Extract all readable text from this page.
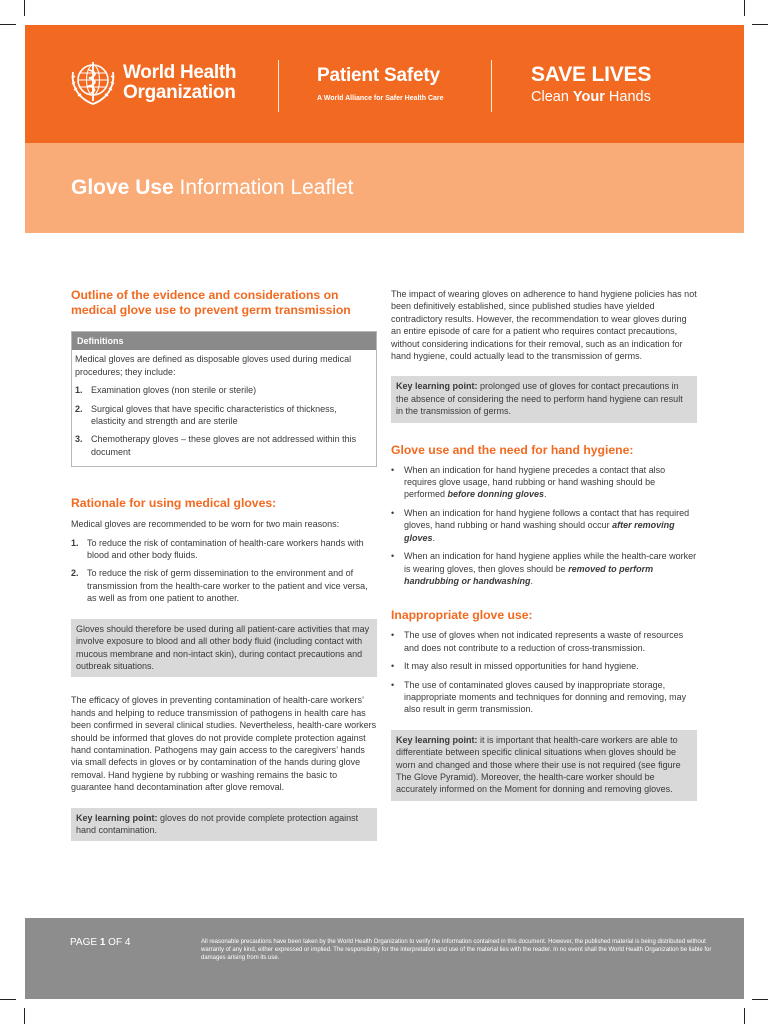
World Health
Organization
Patient Safety
A World Alliance for Safer Health Care
SAVE LIVES
Clean Your Hands
Glove Use Information Leaflet
Outline of the evidence and considerations on medical glove use to prevent germ transmission
Definitions

Medical gloves are defined as disposable gloves used during medical procedures; they include:

1. Examination gloves (non sterile or sterile)
2. Surgical gloves that have specific characteristics of thickness, elasticity and strength and are sterile
3. Chemotherapy gloves – these gloves are not addressed within this document
Rationale for using medical gloves:

Medical gloves are recommended to be worn for two main reasons:

1. To reduce the risk of contamination of health-care workers hands with blood and other body fluids.
2. To reduce the risk of germ dissemination to the environment and of transmission from the health-care worker to the patient and vice versa, as well as from one patient to another.

Gloves should therefore be used during all patient-care activities that may involve exposure to blood and all other body fluid (including contact with mucous membrane and non-intact skin), during contact precautions and outbreak situations.

The efficacy of gloves in preventing contamination of health-care workers’ hands and helping to reduce transmission of pathogens in health care has been confirmed in several clinical studies. Nevertheless, health-care workers should be informed that gloves do not provide complete protection against hand contamination. Pathogens may gain access to the caregivers’ hands via small defects in gloves or by contamination of the hands during glove removal. Hand hygiene by rubbing or washing remains the basic to guarantee hand decontamination after glove removal.

Key learning point: gloves do not provide complete protection against hand contamination.

The impact of wearing gloves on adherence to hand hygiene policies has not been definitively established, since published studies have yielded contradictory results. However, the recommendation to wear gloves during an entire episode of care for a patient who requires contact precautions, without considering indications for their removal, such as an indication for hand hygiene, could actually lead to the transmission of germs.

Key learning point: prolonged use of gloves for contact precautions in the absence of considering the need to perform hand hygiene can result in the transmission of germs.

Glove use and the need for hand hygiene:
•	When an indication for hand hygiene precedes a contact that also requires glove usage, hand rubbing or hand washing should be performed before donning gloves.
•	When an indication for hand hygiene follows a contact that has required gloves, hand rubbing or hand washing should occur after removing gloves.
•	When an indication for hand hygiene applies while the health-care worker is wearing gloves, then gloves should be removed to perform handrubbing or handwashing.
Inappropriate glove use:
•	The use of gloves when not indicated represents a waste of resources and does not contribute to a reduction of cross-transmission.
•	It may also result in missed opportunities for hand hygiene.
•	The use of contaminated gloves caused by inappropriate storage, inappropriate moments and techniques for donning and removing, may also result in germ transmission.

Key learning point: it is important that health-care workers are able to differentiate between specific clinical situations when gloves should be worn and changed and those where their use is not required (see figure The Glove Pyramid). Moreover, the health-care worker should be accurately informed on the Moment for donning and removing gloves.

PAGE 1 OF 4	All reasonable precautions have been taken by the World Health Organization to verify the information contained in this document. However, the published material is being distributed without warranty of any kind, either expressed or implied. The responsibility for the interpretation and use of the material lies with the reader. In no event shall the World Health Organization be liable for damages arising from its use.
